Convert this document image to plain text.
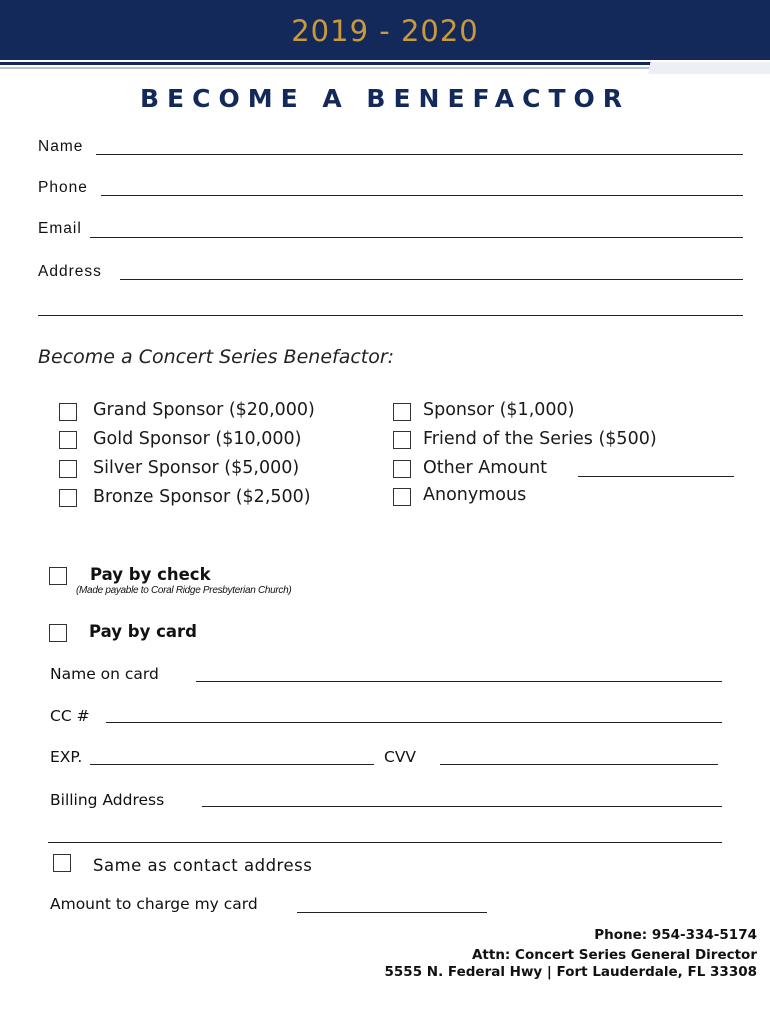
2019 - 2020
BECOME A BENEFACTOR
Name
Phone
Email
Address
Become a Concert Series Benefactor:
Grand Sponsor ($20,000)
Gold Sponsor ($10,000)
Silver Sponsor ($5,000)
Bronze Sponsor ($2,500)
Sponsor ($1,000)
Friend of the Series ($500)
Other Amount
Anonymous
Pay by check
(Made payable to Coral Ridge Presbyterian Church)
Pay by card
Name on card
CC #
EXP.	CVV
Billing Address
Same as contact address
Amount to charge my card
Phone: 954-334-5174
Attn: Concert Series General Director
5555 N. Federal Hwy | Fort Lauderdale, FL 33308
